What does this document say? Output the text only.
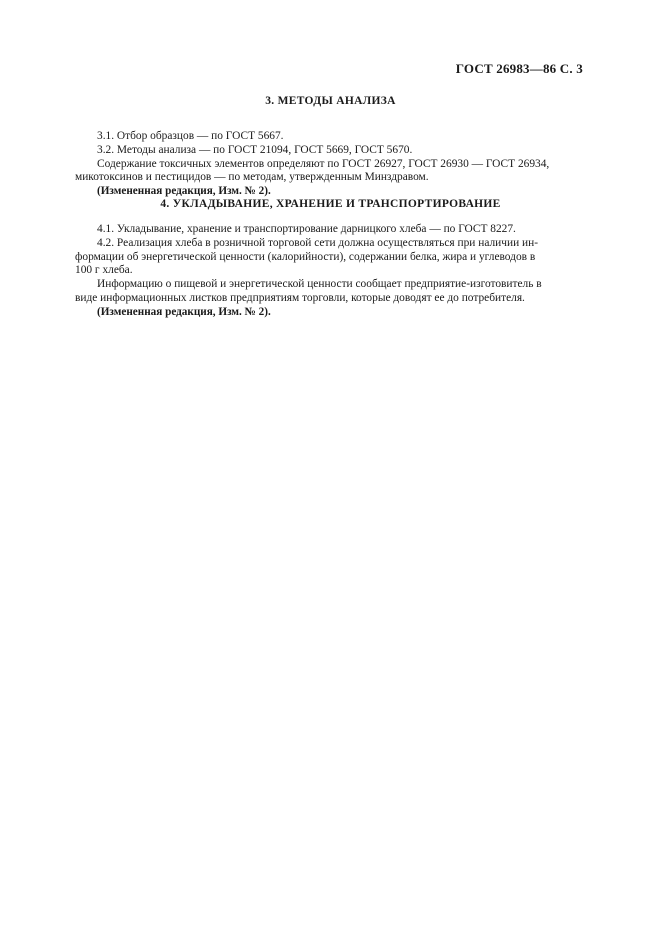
ГОСТ 26983—86 С. 3
3. МЕТОДЫ АНАЛИЗА

3.1. Отбор образцов — по ГОСТ 5667.

3.2. Методы анализа — по ГОСТ 21094, ГОСТ 5669, ГОСТ 5670.

Содержание токсичных элементов определяют по ГОСТ 26927, ГОСТ 26930 — ГОСТ 26934,

микотоксинов и пестицидов — по методам, утвержденным Минздравом.

(Измененная редакция, Изм. № 2).

4. УКЛАДЫВАНИЕ, ХРАНЕНИЕ И ТРАНСПОРТИРОВАНИЕ

4.1. Укладывание, хранение и транспортирование дарницкого хлеба — по ГОСТ 8227.

4.2. Реализация хлеба в розничной торговой сети должна осуществляться при наличии ин-

формации об энергетической ценности (калорийности), содержании белка, жира и углеводов в

100 г хлеба.

Информацию о пищевой и энергетической ценности сообщает предприятие-изготовитель в

виде информационных листков предприятиям торговли, которые доводят ее до потребителя.

(Измененная редакция, Изм. № 2).
